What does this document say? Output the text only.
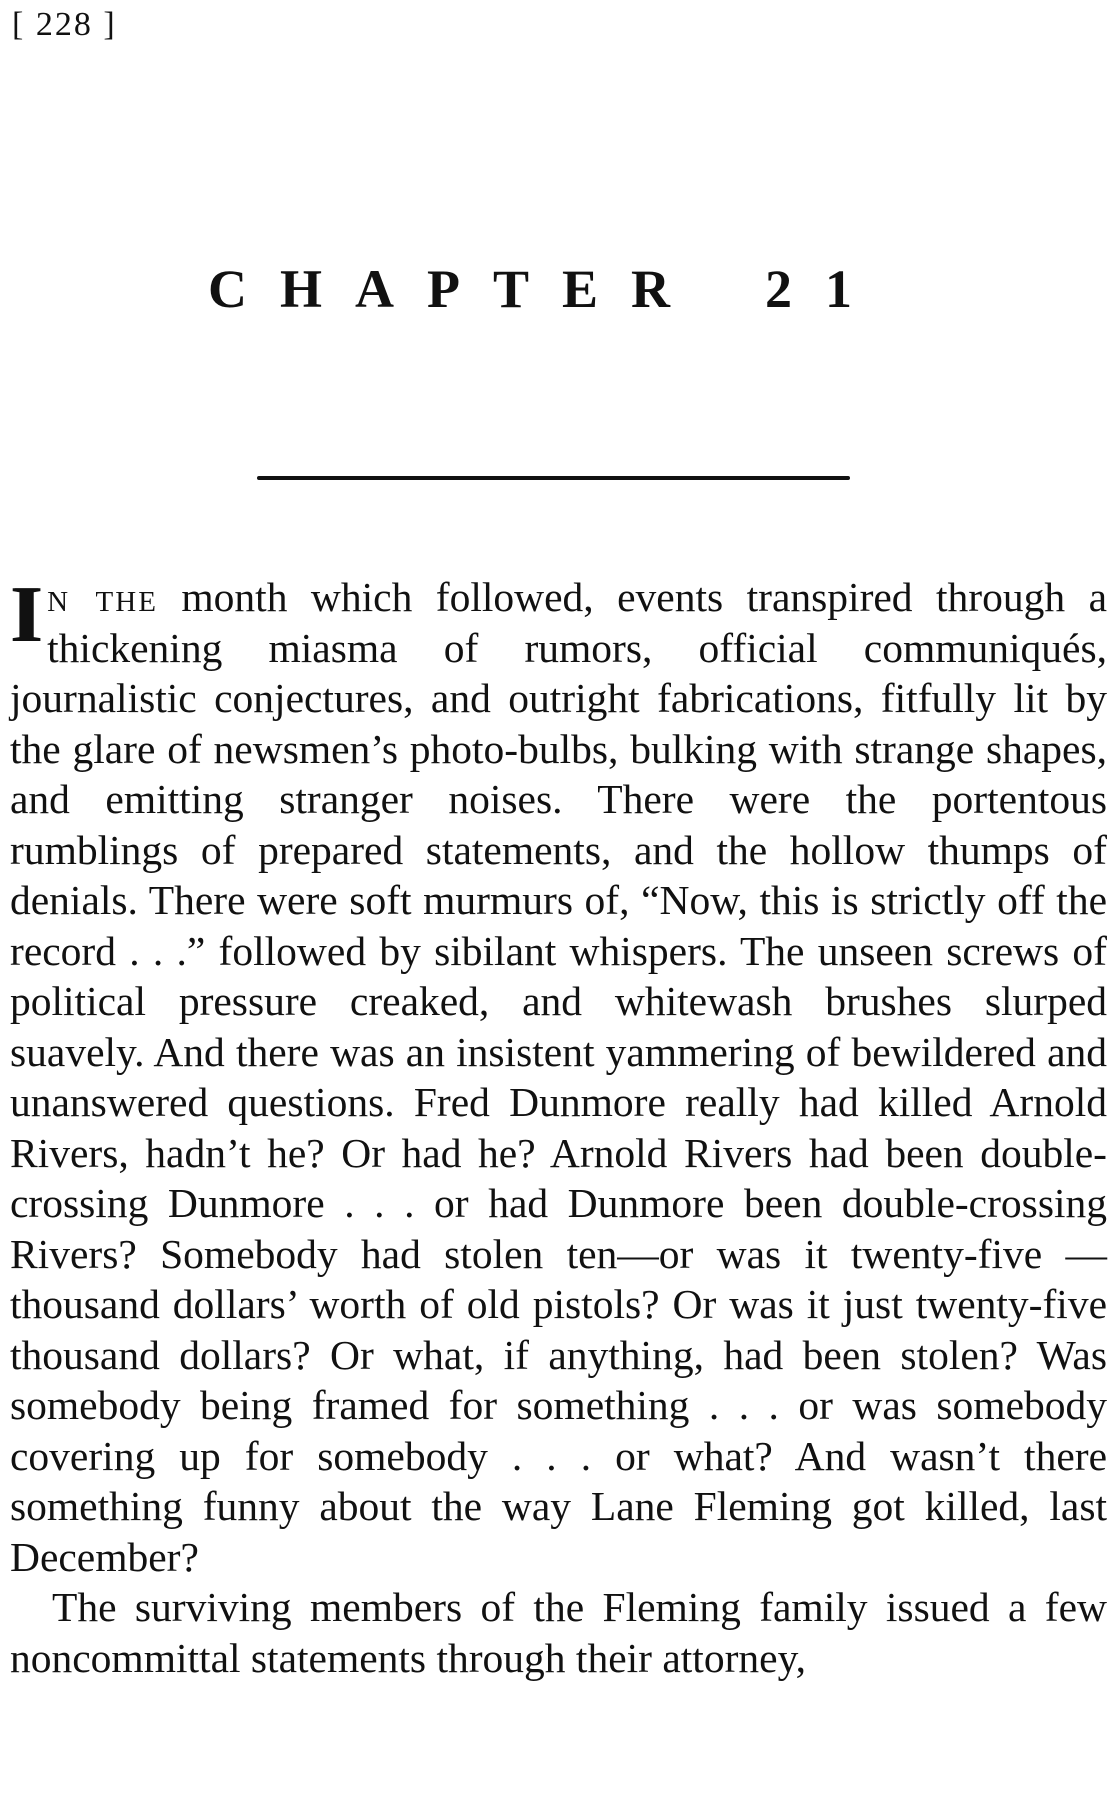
[ 228 ]
CHAPTER 21

I n the month which followed, events transpired through a thickening miasma of rumors, official communiqués, journalistic conjectures, and outright fabrications, fitfully lit by the glare of newsmen’s photo-bulbs, bulking with strange shapes, and emitting stranger noises. There were the portentous rumblings of prepared statements, and the hollow thumps of denials. There were soft murmurs of, “Now, this is strictly off the record . . .” followed by sibilant whispers. The unseen screws of political pressure creaked, and whitewash brushes slurped suavely. And there was an insistent yammering of bewildered and unanswered questions. Fred Dunmore really had killed Arnold Rivers, hadn’t he? Or had he? Arnold Rivers had been double-crossing Dunmore . . . or had Dunmore been double-crossing Rivers? Somebody had stolen ten—or was it twenty-five —thousand dollars’ worth of old pistols? Or was it just twenty-five thousand dollars? Or what, if anything, had been stolen? Was somebody being framed for something . . . or was somebody covering up for somebody . . . or what? And wasn’t there something funny about the way Lane Fleming got killed, last December?

The surviving members of the Fleming family issued a few noncommittal statements through their attorney,
